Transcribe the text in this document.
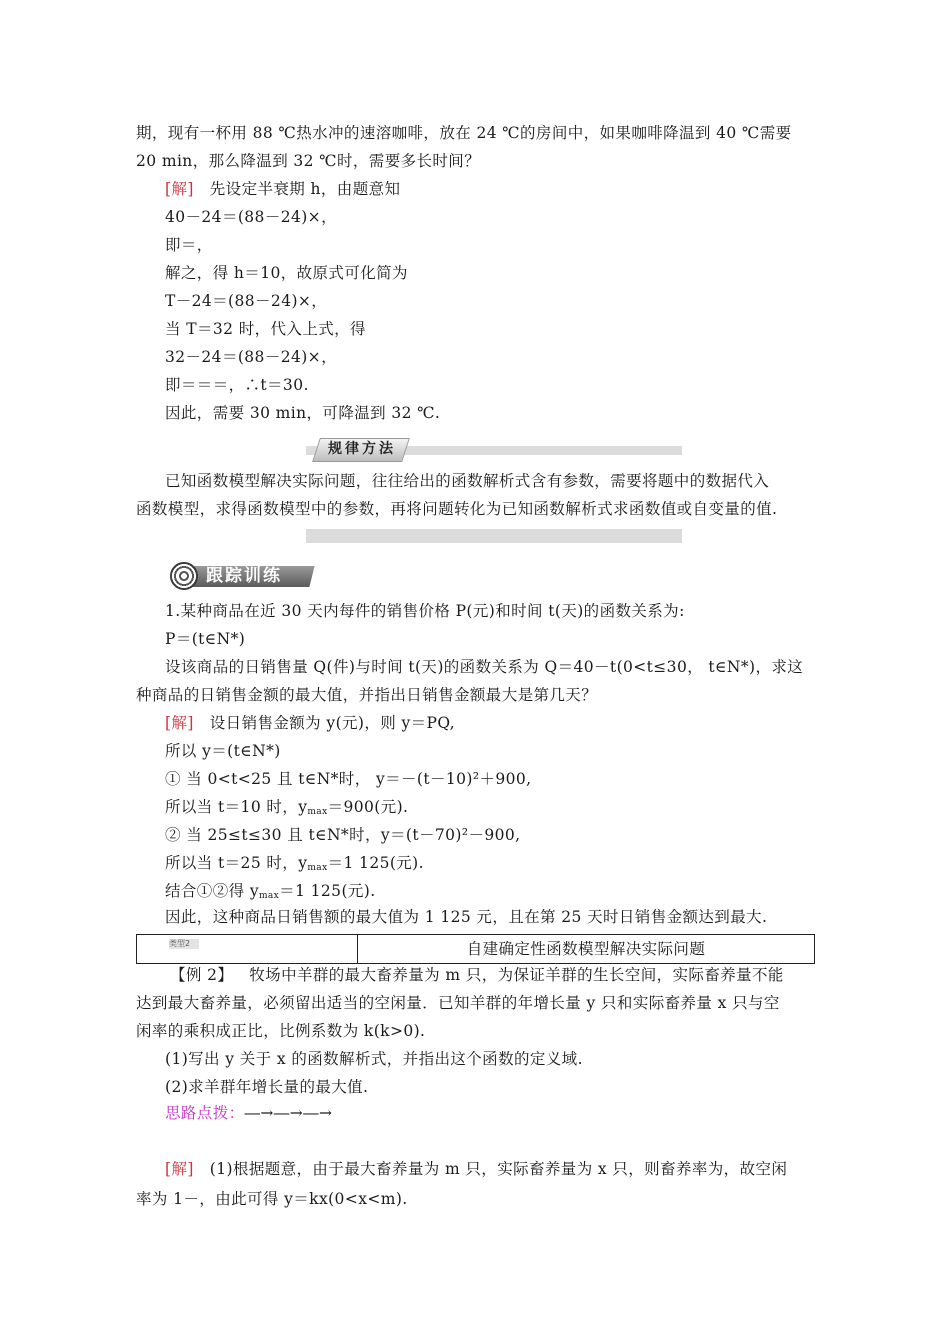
期，现有一杯用 88 ℃热水冲的速溶咖啡，放在 24 ℃的房间中，如果咖啡降温到 40 ℃需要
20 min，那么降温到 32 ℃时，需要多长时间？
[解] 先设定半衰期 h，由题意知
40－24＝(88－24)×，
即＝，
解之，得 h＝10，故原式可化简为
T－24＝(88－24)×，
当 T＝32 时，代入上式，得
32－24＝(88－24)×，
即＝＝＝，∴t＝30.
因此，需要 30 min，可降温到 32 ℃.
规律方法
已知函数模型解决实际问题，往往给出的函数解析式含有参数，需要将题中的数据代入
函数模型，求得函数模型中的参数，再将问题转化为已知函数解析式求函数值或自变量的值.
跟踪训练
1.某种商品在近 30 天内每件的销售价格 P(元)和时间 t(天)的函数关系为:
P＝(t∈N*)
设该商品的日销售量 Q(件)与时间 t(天)的函数关系为 Q＝40－t(0<t≤30， t∈N*)，求这
种商品的日销售金额的最大值，并指出日销售金额最大是第几天？
[解] 设日销售金额为 y(元)，则 y＝PQ,
所以 y＝(t∈N*)
① 当 0<t<25 且 t∈N*时， y＝－(t－10)²＋900,
所以当 t＝10 时，$y_{max}=900$(元).
② 当 25≤t≤30 且 t∈N*时，y＝(t－70)²－900,
所以当 t＝25 时，$y_{max}=1$ 125(元).
结合①②得 $y_{max}=1$ 125(元).
因此，这种商品日销售额的最大值为 1 125 元，且在第 25 天时日销售金额达到最大.
类型2	自建确定性函数模型解决实际问题
【例 2】 牧场中羊群的最大畜养量为 m 只，为保证羊群的生长空间，实际畜养量不能
达到最大畜养量，必须留出适当的空闲量．已知羊群的年增长量 y 只和实际畜养量 x 只与空
闲率的乘积成正比，比例系数为 k(k>0).
(1)写出 y 关于 x 的函数解析式，并指出这个函数的定义域.
(2)求羊群年增长量的最大值.
思路点拨：―→―→―→
[解] (1)根据题意，由于最大畜养量为 m 只，实际畜养量为 x 只，则畜养率为，故空闲
率为 1－，由此可得 y＝kx(0<x<m).
